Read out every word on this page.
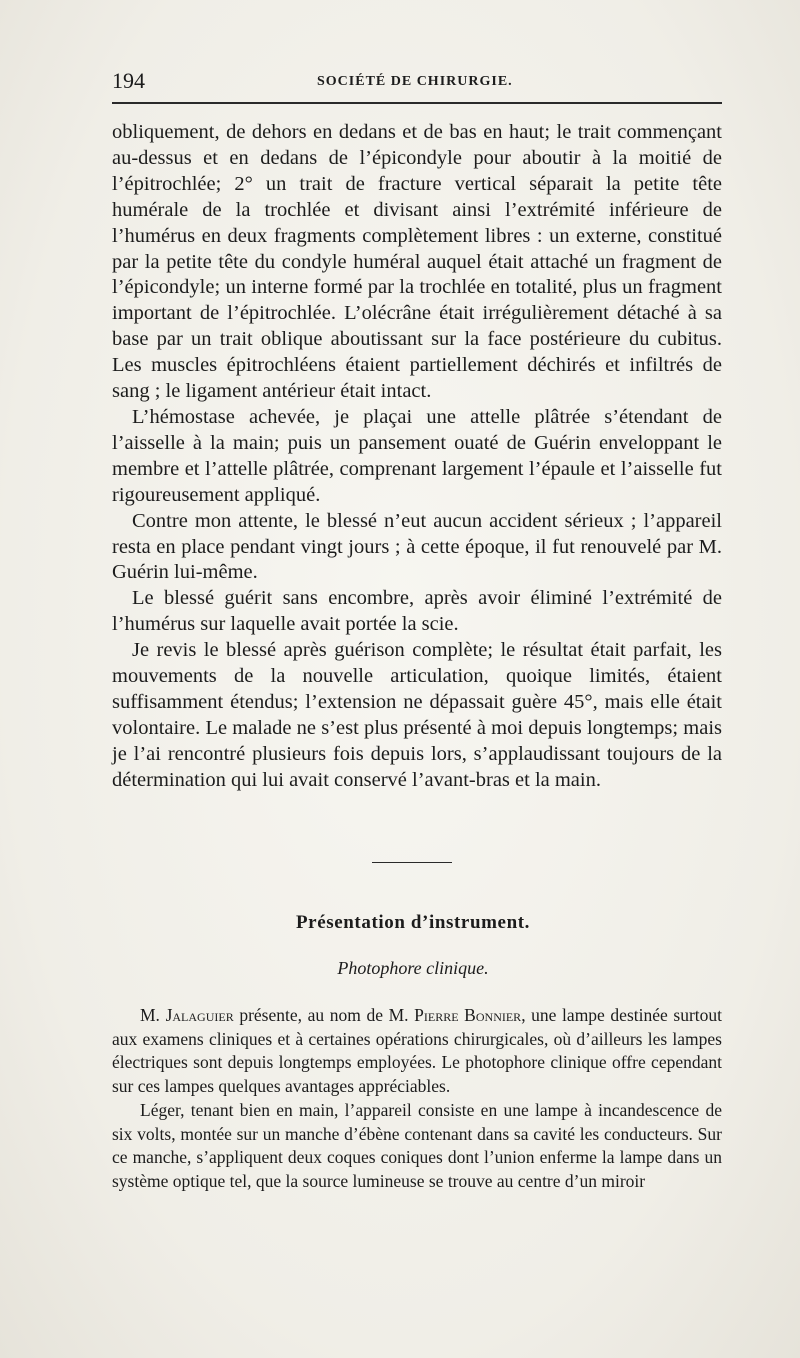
194	SOCIÉTÉ DE CHIRURGIE.

obliquement, de dehors en dedans et de bas en haut; le trait commençant au-dessus et en dedans de l’épicondyle pour aboutir à la moitié de l’épitrochlée; 2° un trait de fracture vertical séparait la petite tête humérale de la trochlée et divisant ainsi l’extrémité inférieure de l’humérus en deux fragments complètement libres : un externe, constitué par la petite tête du condyle huméral auquel était attaché un fragment de l’épicondyle; un interne formé par la trochlée en totalité, plus un fragment important de l’épitrochlée. L’olécrâne était irrégulièrement détaché à sa base par un trait oblique aboutissant sur la face postérieure du cubitus. Les muscles épitrochléens étaient partiellement déchirés et infiltrés de sang ; le ligament antérieur était intact.

L’hémostase achevée, je plaçai une attelle plâtrée s’étendant de l’aisselle à la main; puis un pansement ouaté de Guérin enveloppant le membre et l’attelle plâtrée, comprenant largement l’épaule et l’aisselle fut rigoureusement appliqué.

Contre mon attente, le blessé n’eut aucun accident sérieux ; l’appareil resta en place pendant vingt jours ; à cette époque, il fut renouvelé par M. Guérin lui-même.

Le blessé guérit sans encombre, après avoir éliminé l’extrémité de l’humérus sur laquelle avait portée la scie.

Je revis le blessé après guérison complète; le résultat était parfait, les mouvements de la nouvelle articulation, quoique limités, étaient suffisamment étendus; l’extension ne dépassait guère 45°, mais elle était volontaire. Le malade ne s’est plus présenté à moi depuis longtemps; mais je l’ai rencontré plusieurs fois depuis lors, s’applaudissant toujours de la détermination qui lui avait conservé l’avant-bras et la main.

Présentation d’instrument.
Photophore clinique.

M. Jalaguier présente, au nom de M. Pierre Bonnier, une lampe destinée surtout aux examens cliniques et à certaines opérations chirurgicales, où d’ailleurs les lampes électriques sont depuis longtemps employées. Le photophore clinique offre cependant sur ces lampes quelques avantages appréciables.

Léger, tenant bien en main, l’appareil consiste en une lampe à incandescence de six volts, montée sur un manche d’ébène contenant dans sa cavité les conducteurs. Sur ce manche, s’appliquent deux coques coniques dont l’union enferme la lampe dans un système optique tel, que la source lumineuse se trouve au centre d’un miroir
